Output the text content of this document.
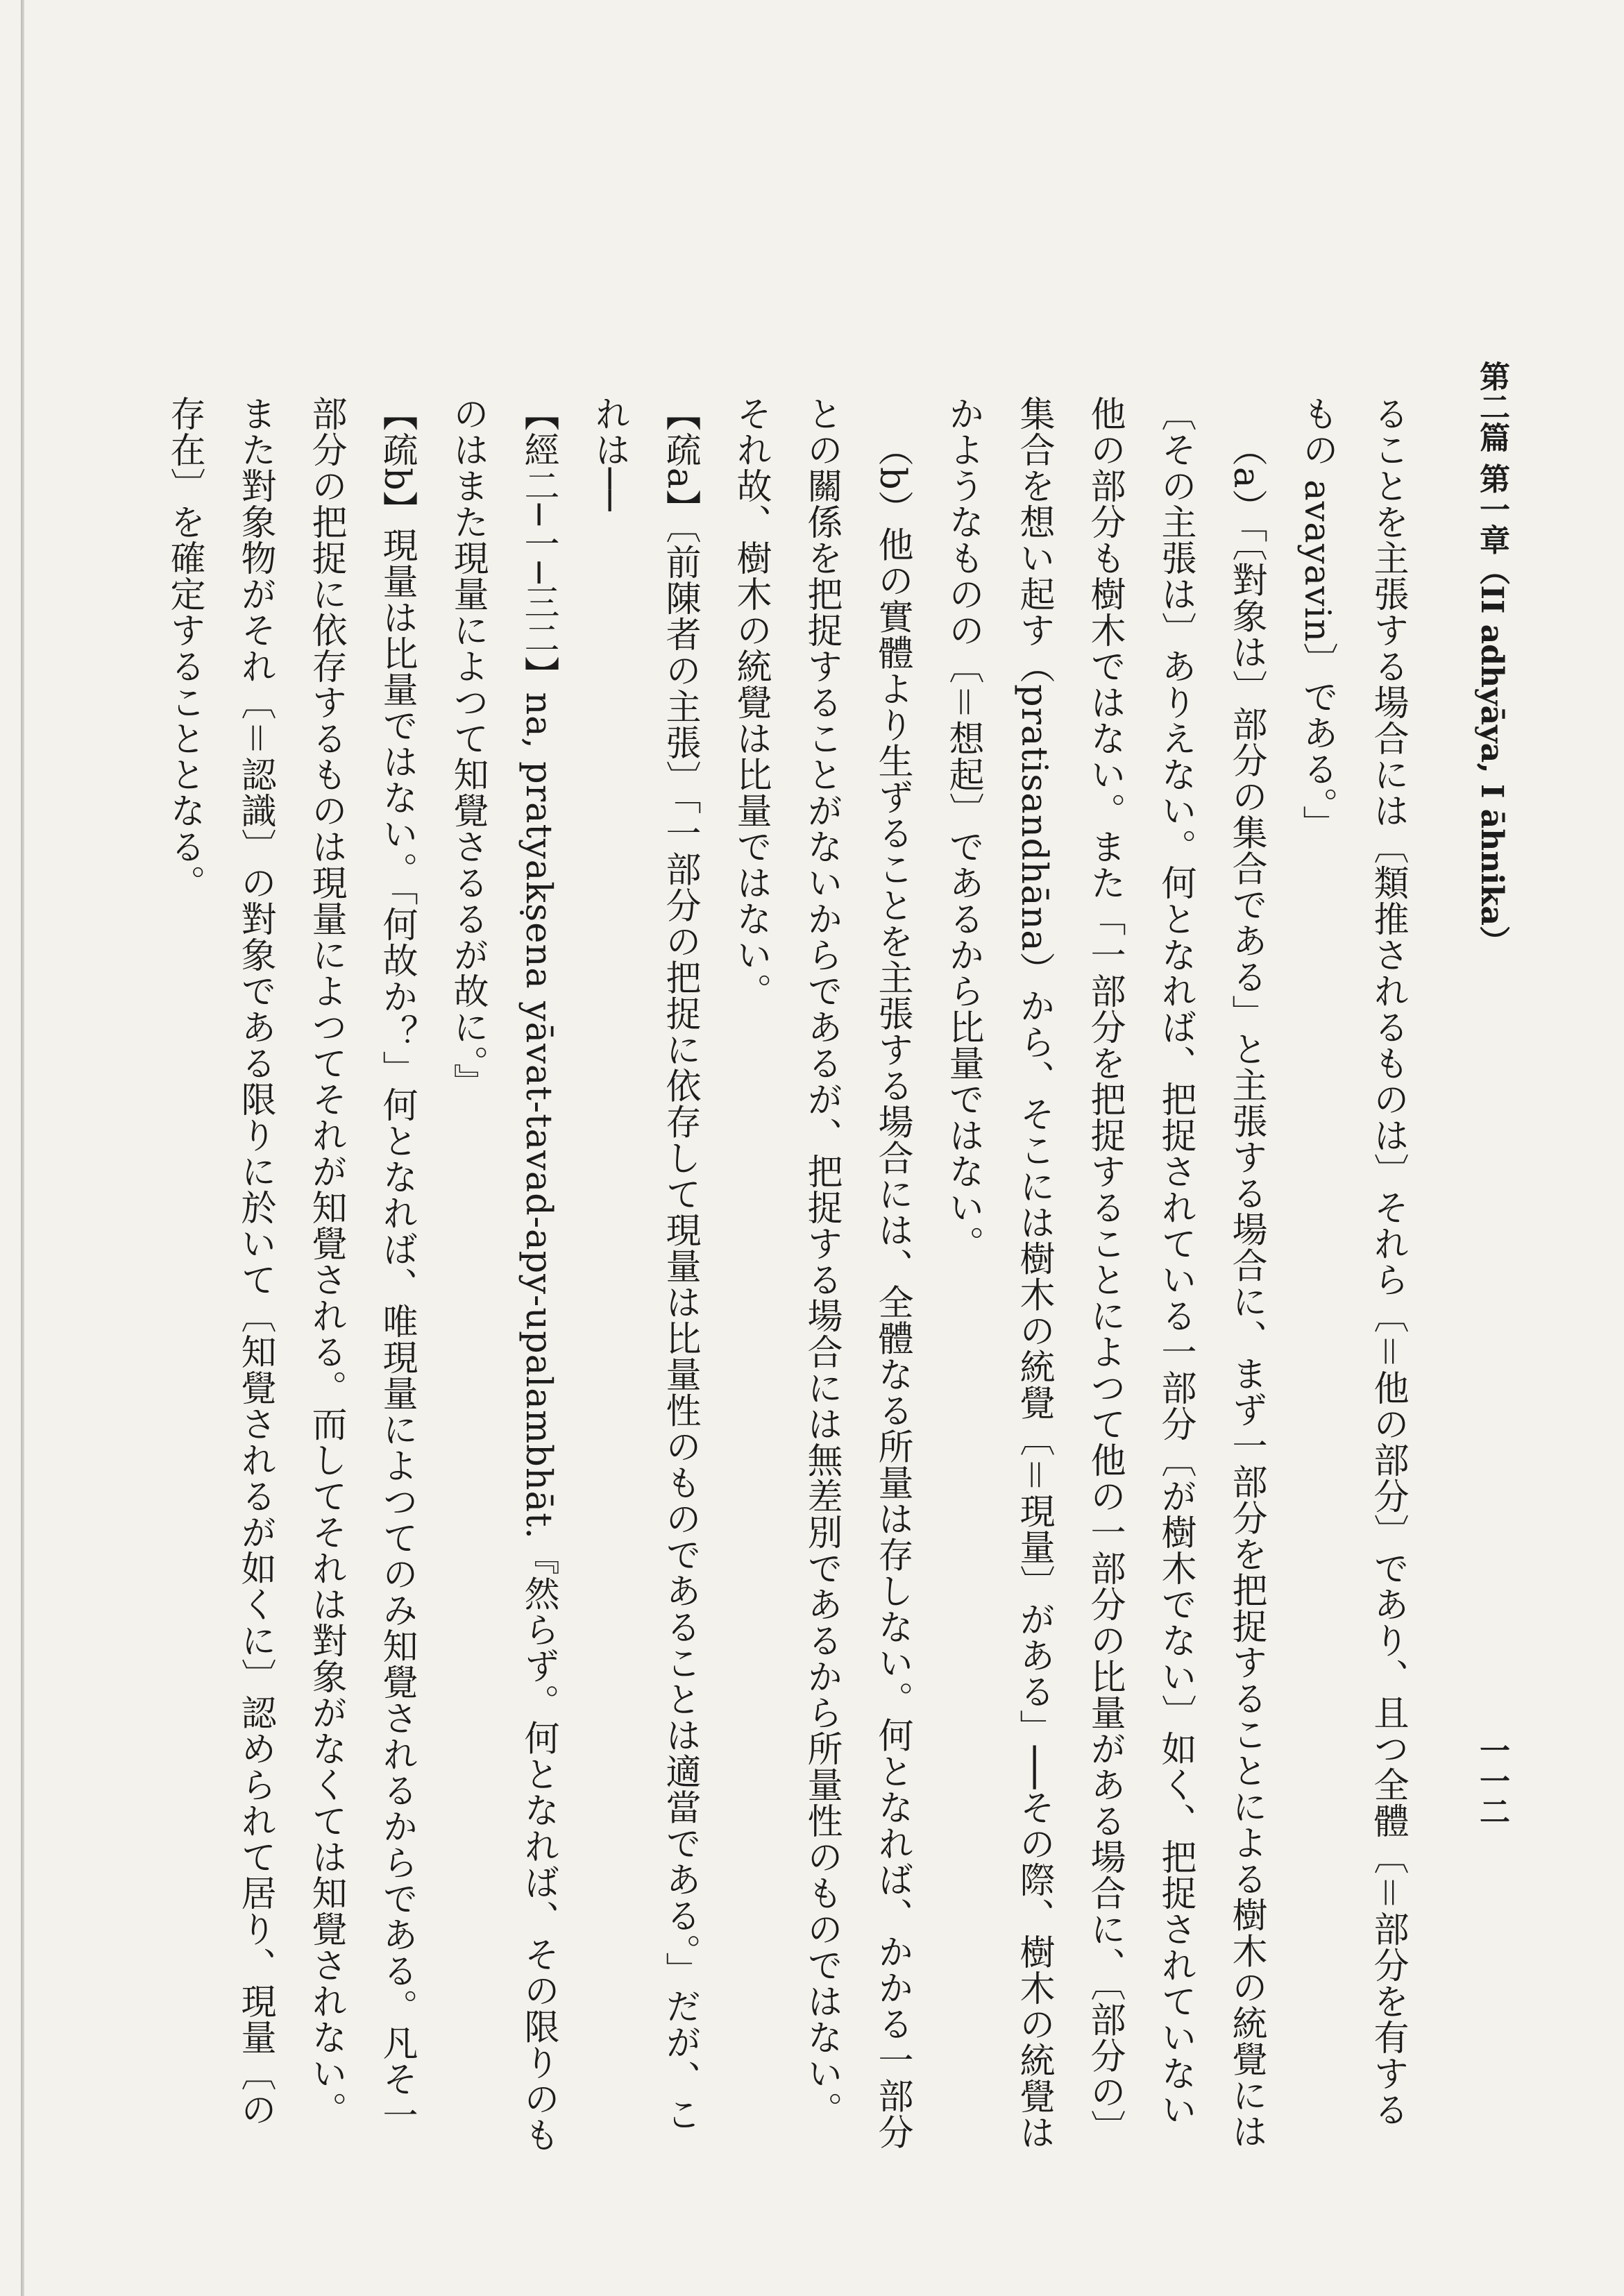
第二篇 第一章（II adhyāya, I āhnika）
一一二

ることを主張する場合には〔類推されるものは〕それら〔＝他の部分〕であり、且つ全體〔＝部分を有するもの avayavin〕である。」

（a）「〔對象は〕部分の集合である」と主張する場合に、まず一部分を把捉することによる樹木の統覺には〔その主張は〕ありえない。何となれば、把捉されている一部分〔が樹木でない〕如く、把捉されていない他の部分も樹木ではない。また「一部分を把捉することによつて他の一部分の比量がある場合に、〔部分の〕集合を想い起す（pratisandhāna）から、そこには樹木の統覺〔＝現量〕がある」──その際、樹木の統覺はかようなものの〔＝想起〕であるから比量ではない。

（b）他の實體より生ずることを主張する場合には、全體なる所量は存しない。何となれば、かかる一部分との關係を把捉することがないからであるが、把捉する場合には無差別であるから所量性のものではない。それ故、樹木の統覺は比量ではない。

【疏a】〔前陳者の主張〕「一部分の把捉に依存して現量は比量性のものであることは適當である。」だが、これは──

【經二─一─三二】na, pratyakṣena yāvat-tavad-apy-upalambhāt.『然らず。何となれば、その限りのものはまた現量によつて知覺さるるが故に。』

【疏b】現量は比量ではない。「何故か？」何となれば、唯現量によつてのみ知覺されるからである。凡そ一部分の把捉に依存するものは現量によつてそれが知覺される。而してそれは對象がなくては知覺されない。また對象物がそれ〔＝認識〕の對象である限りに於いて〔知覺されるが如くに〕認められて居り、現量〔の存在〕を確定することとなる。
